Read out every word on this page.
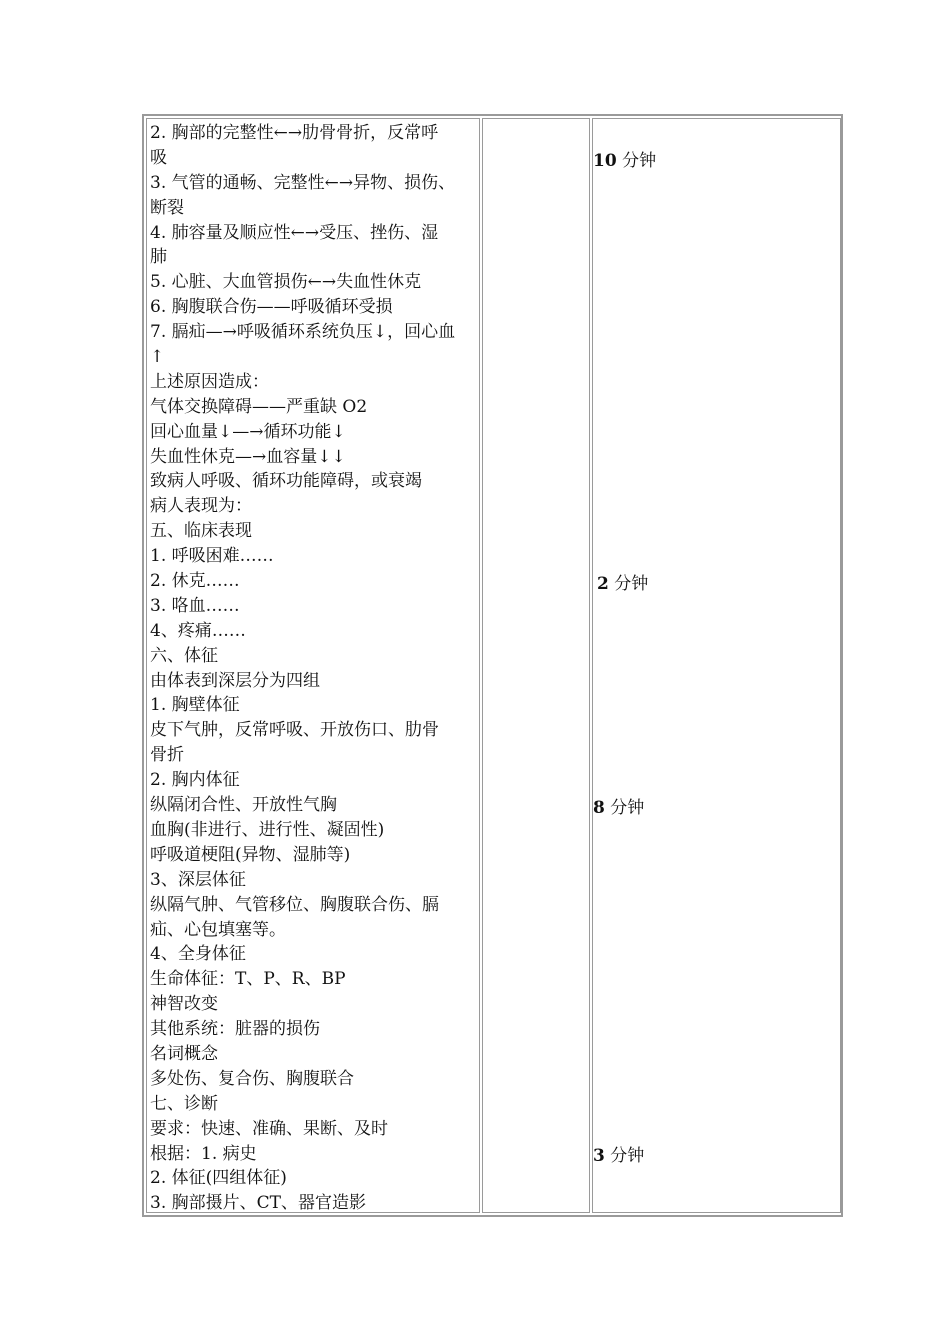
2. 胸部的完整性←→肋骨骨折，反常呼
吸
3. 气管的通畅、完整性←→异物、损伤、
断裂
4. 肺容量及顺应性←→受压、挫伤、湿
肺
5. 心脏、大血管损伤←→失血性休克
6. 胸腹联合伤——呼吸循环受损
7. 膈疝—→呼吸循环系统负压↓，回心血
↑
上述原因造成：
气体交换障碍——严重缺 O2
回心血量↓—→循环功能↓
失血性休克—→血容量↓↓
致病人呼吸、循环功能障碍，或衰竭
病人表现为：
五、临床表现
1. 呼吸困难……
2. 休克……
3. 咯血……
4、疼痛……
六、体征
由体表到深层分为四组
1. 胸壁体征
皮下气肿，反常呼吸、开放伤口、肋骨
骨折
2. 胸内体征
纵隔闭合性、开放性气胸
血胸(非进行、进行性、凝固性)
呼吸道梗阻(异物、湿肺等)
3、深层体征
纵隔气肿、气管移位、胸腹联合伤、膈
疝、心包填塞等。
4、全身体征
生命体征：T、P、R、BP
神智改变
其他系统：脏器的损伤
名词概念
多处伤、复合伤、胸腹联合
七、诊断
要求：快速、准确、果断、及时
根据：1. 病史
2. 体征(四组体征)
3. 胸部摄片、CT、器官造影
10 分钟
2 分钟
8 分钟
3 分钟
